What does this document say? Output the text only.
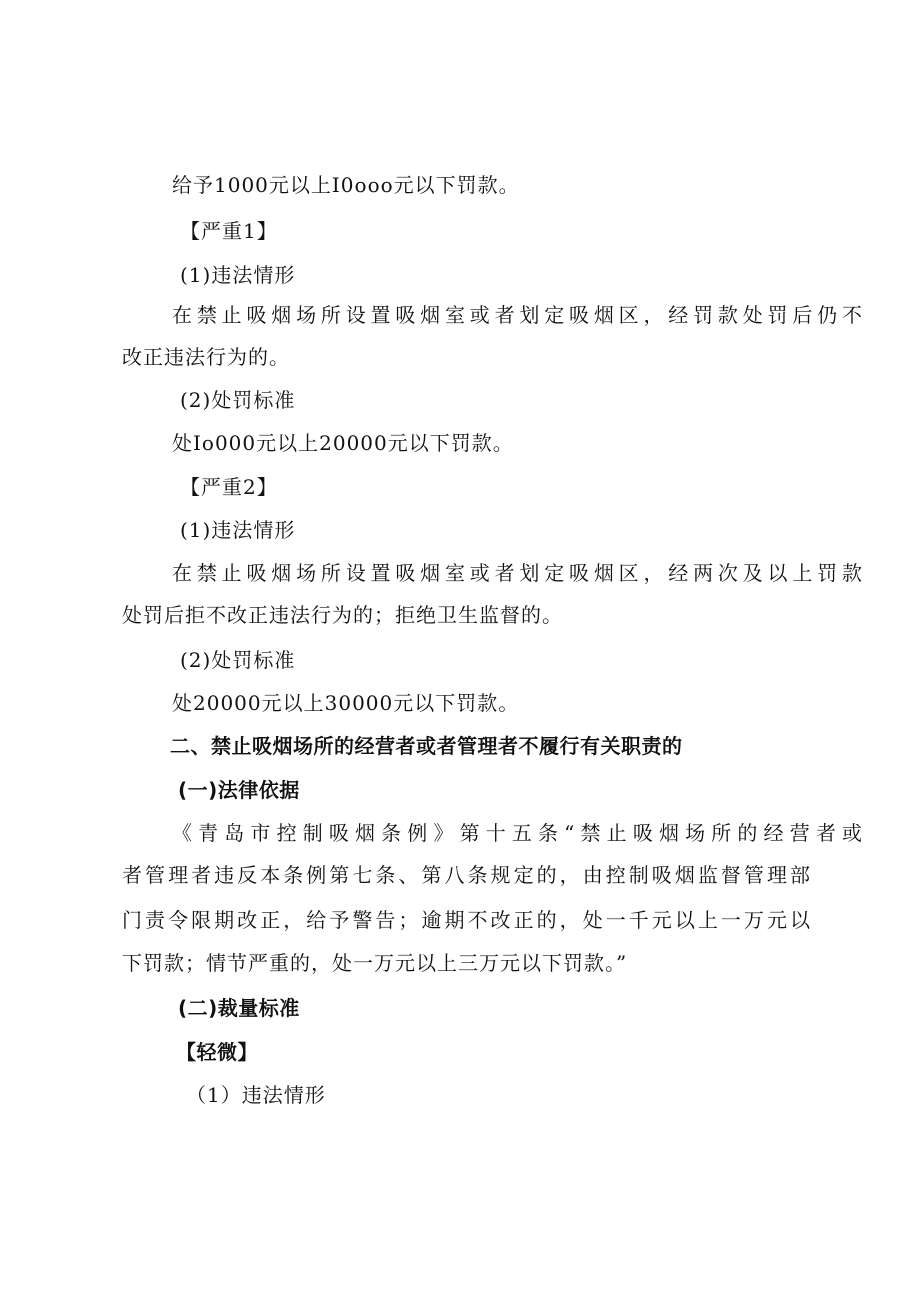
给予1000元以上I0ooo元以下罚款。
【严重1】
(1)违法情形
在禁止吸烟场所设置吸烟室或者划定吸烟区，经罚款处罚后仍不
改正违法行为的。
(2)处罚标准
处Io000元以上20000元以下罚款。
【严重2】
(1)违法情形
在禁止吸烟场所设置吸烟室或者划定吸烟区，经两次及以上罚款
处罚后拒不改正违法行为的；拒绝卫生监督的。
(2)处罚标准
处20000元以上30000元以下罚款。
二、禁止吸烟场所的经营者或者管理者不履行有关职责的
(一)法律依据
《青岛市控制吸烟条例》第十五条“禁止吸烟场所的经营者或
者管理者违反本条例第七条、第八条规定的，由控制吸烟监督管理部
门责令限期改正，给予警告；逾期不改正的，处一千元以上一万元以
下罚款；情节严重的，处一万元以上三万元以下罚款。”
(二)裁量标准
【轻微】
（1）违法情形
